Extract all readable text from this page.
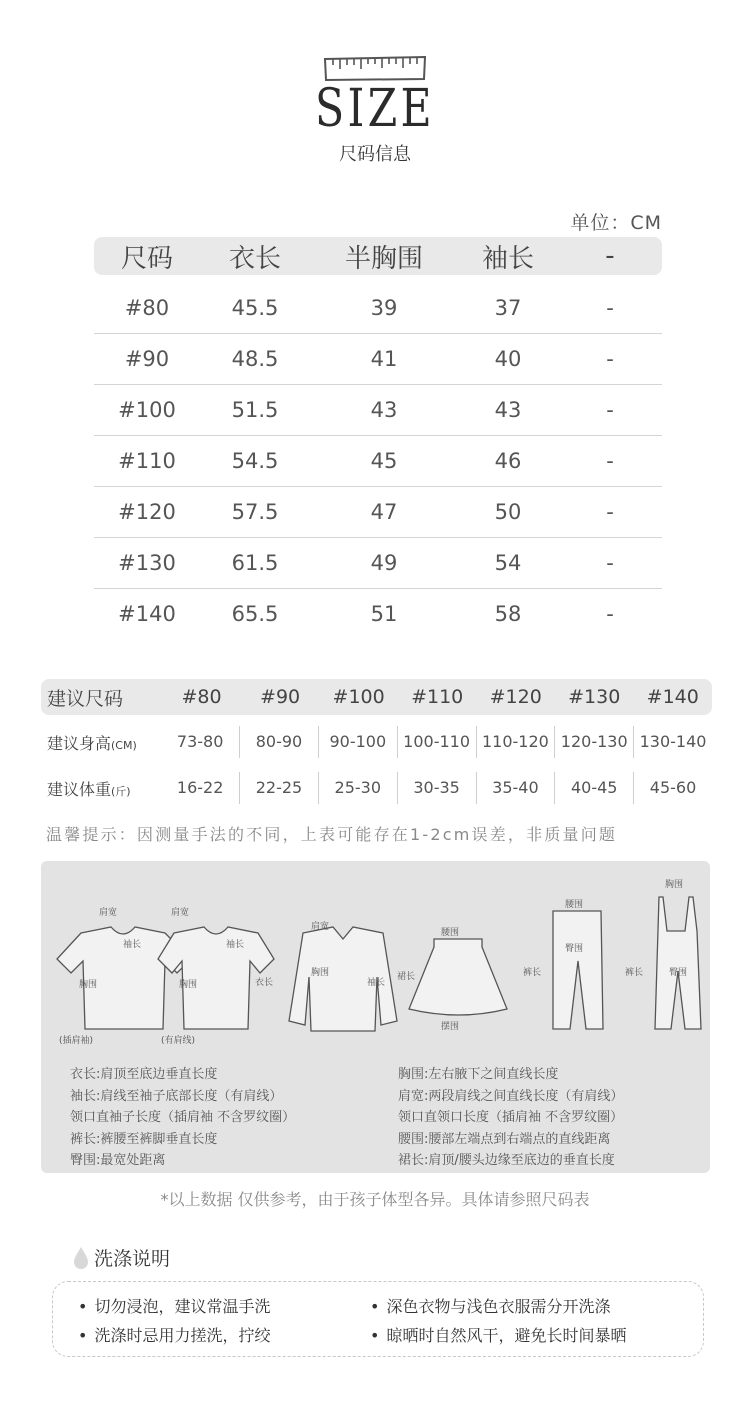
SIZE
尺码信息
单位：CM
尺码	衣长	半胸围	袖长	-
#80	45.5	39	37	-
#90	48.5	41	40	-
#100	51.5	43	43	-
#110	54.5	45	46	-
#120	57.5	47	50	-
#130	61.5	49	54	-
#140	65.5	51	58	-
建议尺码	#80	#90	#100	#110	#120	#130	#140
建议身高(CM)	73-80	80-90	90-100	100-110 110-120 120-130 130-140
建议体重(斤)	16-22	22-25	25-30	30-35	35-40	40-45	45-60
温馨提示：因测量手法的不同，上表可能存在1-2cm误差，非质量问题
肩宽	肩宽
袖长	袖长
胸围	胸围
肩宽
胸围
衣长	袖长
(插肩袖)	(有肩线)
腰围
裙长
摆围
腰围
臀围
裤长
胸围
臀围
裤长
衣长:肩顶至底边垂直长度
袖长:肩线至袖子底部长度（有肩线）
领口直袖子长度（插肩袖 不含罗纹圈）
裤长:裤腰至裤脚垂直长度
臀围:最宽处距离
胸围:左右腋下之间直线长度
肩宽:两段肩线之间直线长度（有肩线）
领口直领口长度（插肩袖 不含罗纹圈）
腰围:腰部左端点到右端点的直线距离
裙长:肩顶/腰头边缘至底边的垂直长度
*以上数据 仅供参考，由于孩子体型各异。具体请参照尺码表
洗涤说明
• 切勿浸泡，建议常温手洗
• 洗涤时忌用力搓洗，拧绞
• 深色衣物与浅色衣服需分开洗涤
• 晾晒时自然风干，避免长时间暴晒
